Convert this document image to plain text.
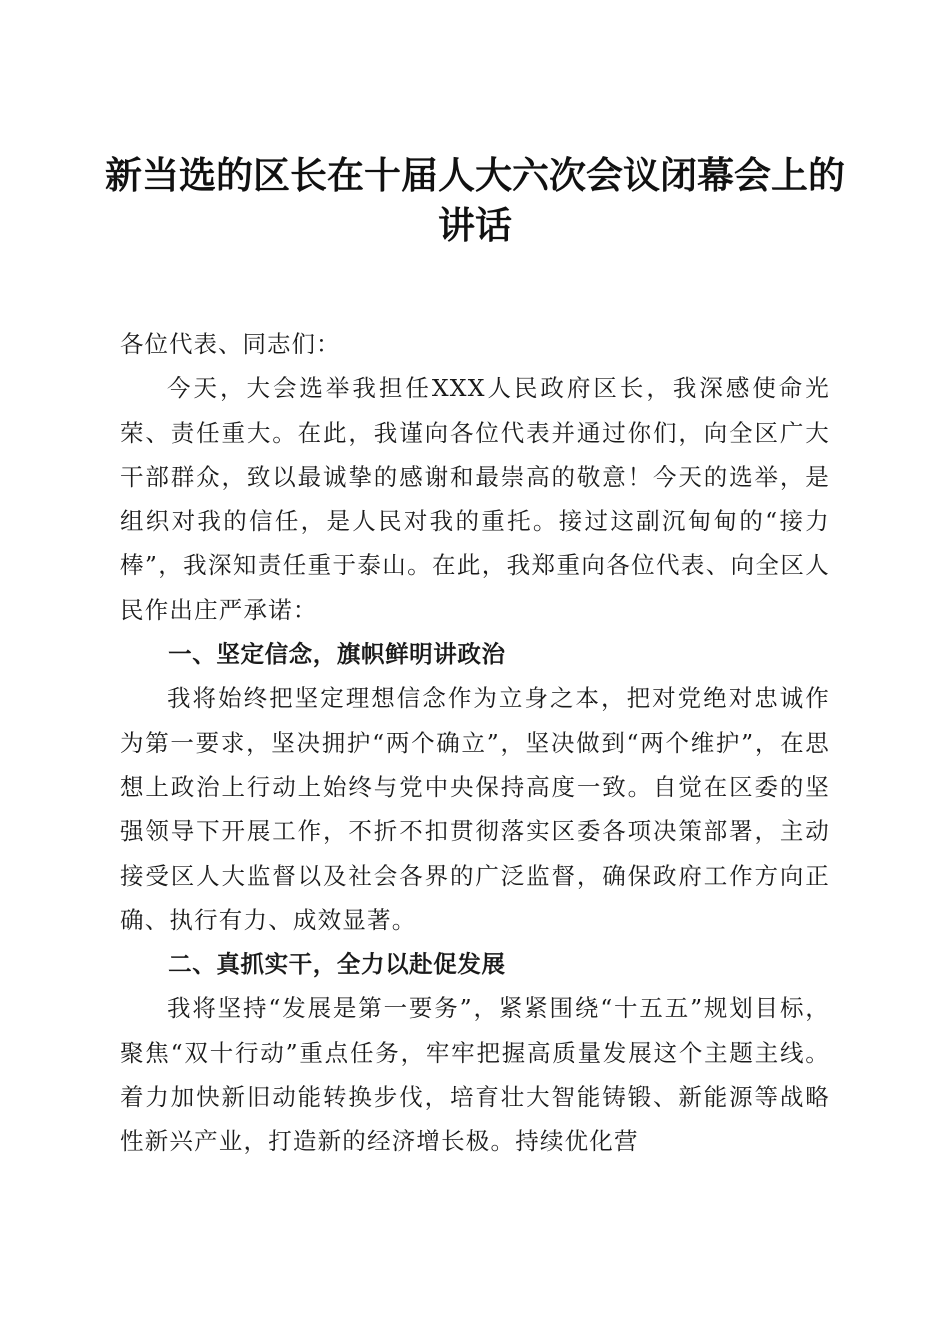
新当选的区长在十届人大六次会议闭幕会上的
讲话

各位代表、同志们：

今天，大会选举我担任XXX人民政府区长，我深感使命光荣、责任重大。在此，我谨向各位代表并通过你们，向全区广大干部群众，致以最诚挚的感谢和最崇高的敬意！今天的选举，是组织对我的信任，是人民对我的重托。接过这副沉甸甸的“接力棒”，我深知责任重于泰山。在此，我郑重向各位代表、向全区人民作出庄严承诺：

一、坚定信念，旗帜鲜明讲政治

我将始终把坚定理想信念作为立身之本，把对党绝对忠诚作为第一要求，坚决拥护“两个确立”，坚决做到“两个维护”，在思想上政治上行动上始终与党中央保持高度一致。自觉在区委的坚强领导下开展工作，不折不扣贯彻落实区委各项决策部署，主动接受区人大监督以及社会各界的广泛监督，确保政府工作方向正确、执行有力、成效显著。

二、真抓实干，全力以赴促发展

我将坚持“发展是第一要务”，紧紧围绕“十五五”规划目标，聚焦“双十行动”重点任务，牢牢把握高质量发展这个主题主线。着力加快新旧动能转换步伐，培育壮大智能铸锻、新能源等战略性新兴产业，打造新的经济增长极。持续优化营
